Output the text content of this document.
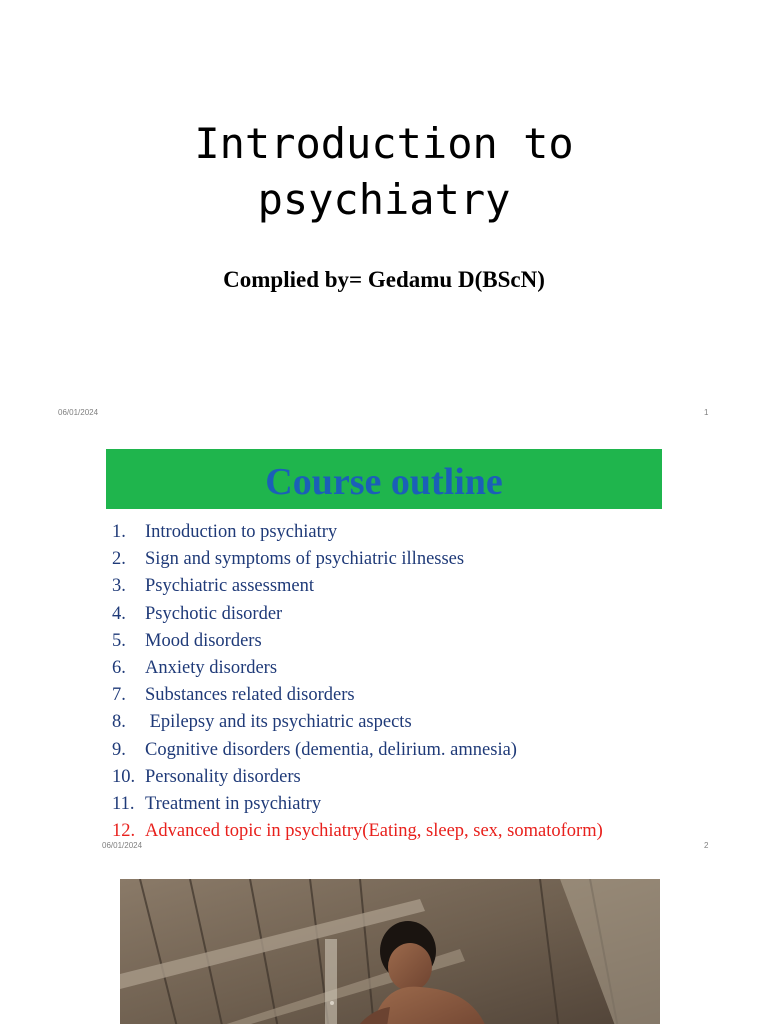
Introduction to
psychiatry
Complied by= Gedamu D(BScN)
06/01/2024	1
Course outline
1. Introduction to psychiatry
2. Sign and symptoms of psychiatric illnesses
3. Psychiatric assessment
4. Psychotic disorder
5. Mood disorders
6. Anxiety disorders
7. Substances related disorders
8. Epilepsy and its psychiatric aspects
9. Cognitive disorders (dementia, delirium. amnesia)
10. Personality disorders
11. Treatment in psychiatry
12. Advanced topic in psychiatry(Eating, sleep, sex, somatoform)
06/01/2024	2
